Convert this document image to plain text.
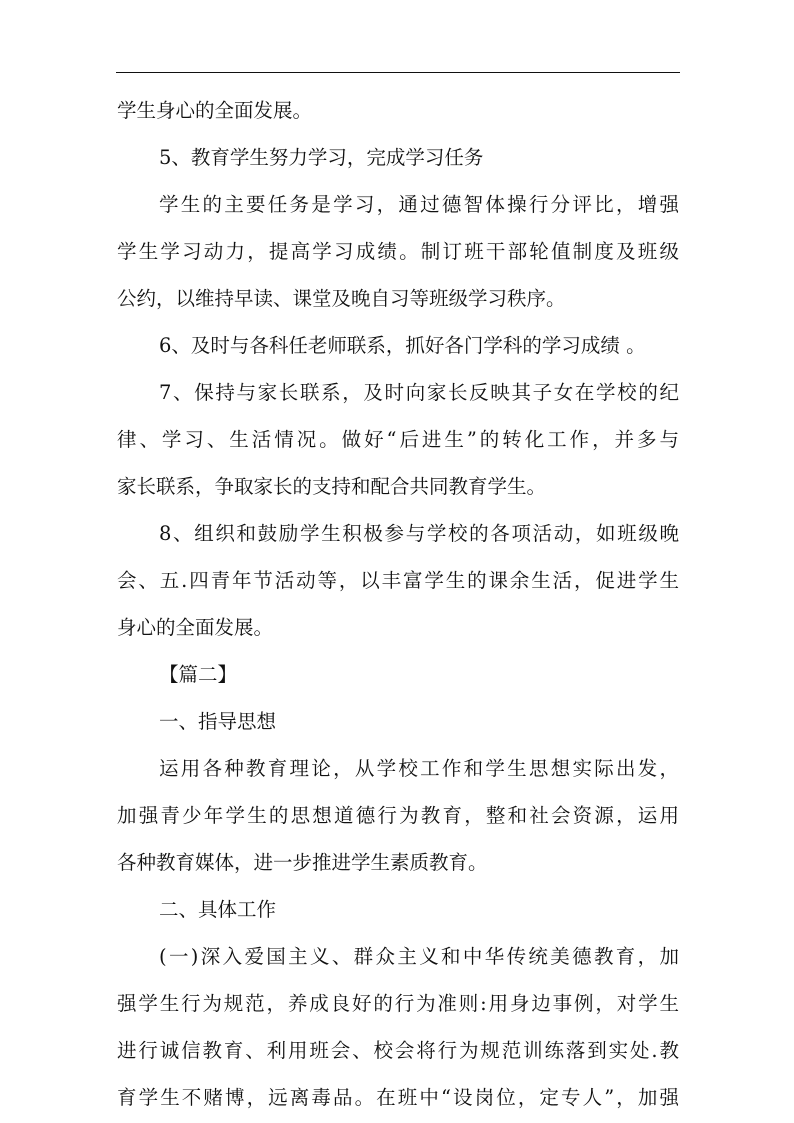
学生身心的全面发展。
5、教育学生努力学习，完成学习任务
学生的主要任务是学习，通过德智体操行分评比，增强
学生学习动力，提高学习成绩。制订班干部轮值制度及班级
公约，以维持早读、课堂及晚自习等班级学习秩序。
6、及时与各科任老师联系，抓好各门学科的学习成绩 。
7、保持与家长联系，及时向家长反映其子女在学校的纪
律、学习、生活情况。做好“后进生”的转化工作，并多与
家长联系，争取家长的支持和配合共同教育学生。
8、组织和鼓励学生积极参与学校的各项活动，如班级晚
会、五.四青年节活动等，以丰富学生的课余生活，促进学生
身心的全面发展。
【篇二】
一、指导思想
运用各种教育理论，从学校工作和学生思想实际出发，
加强青少年学生的思想道德行为教育，整和社会资源，运用
各种教育媒体，进一步推进学生素质教育。
二、具体工作
(一)深入爱国主义、群众主义和中华传统美德教育，加
强学生行为规范，养成良好的行为准则:用身边事例，对学生
进行诚信教育、利用班会、校会将行为规范训练落到实处.教
育学生不赌博，远离毒品。在班中“设岗位，定专人”，加强
